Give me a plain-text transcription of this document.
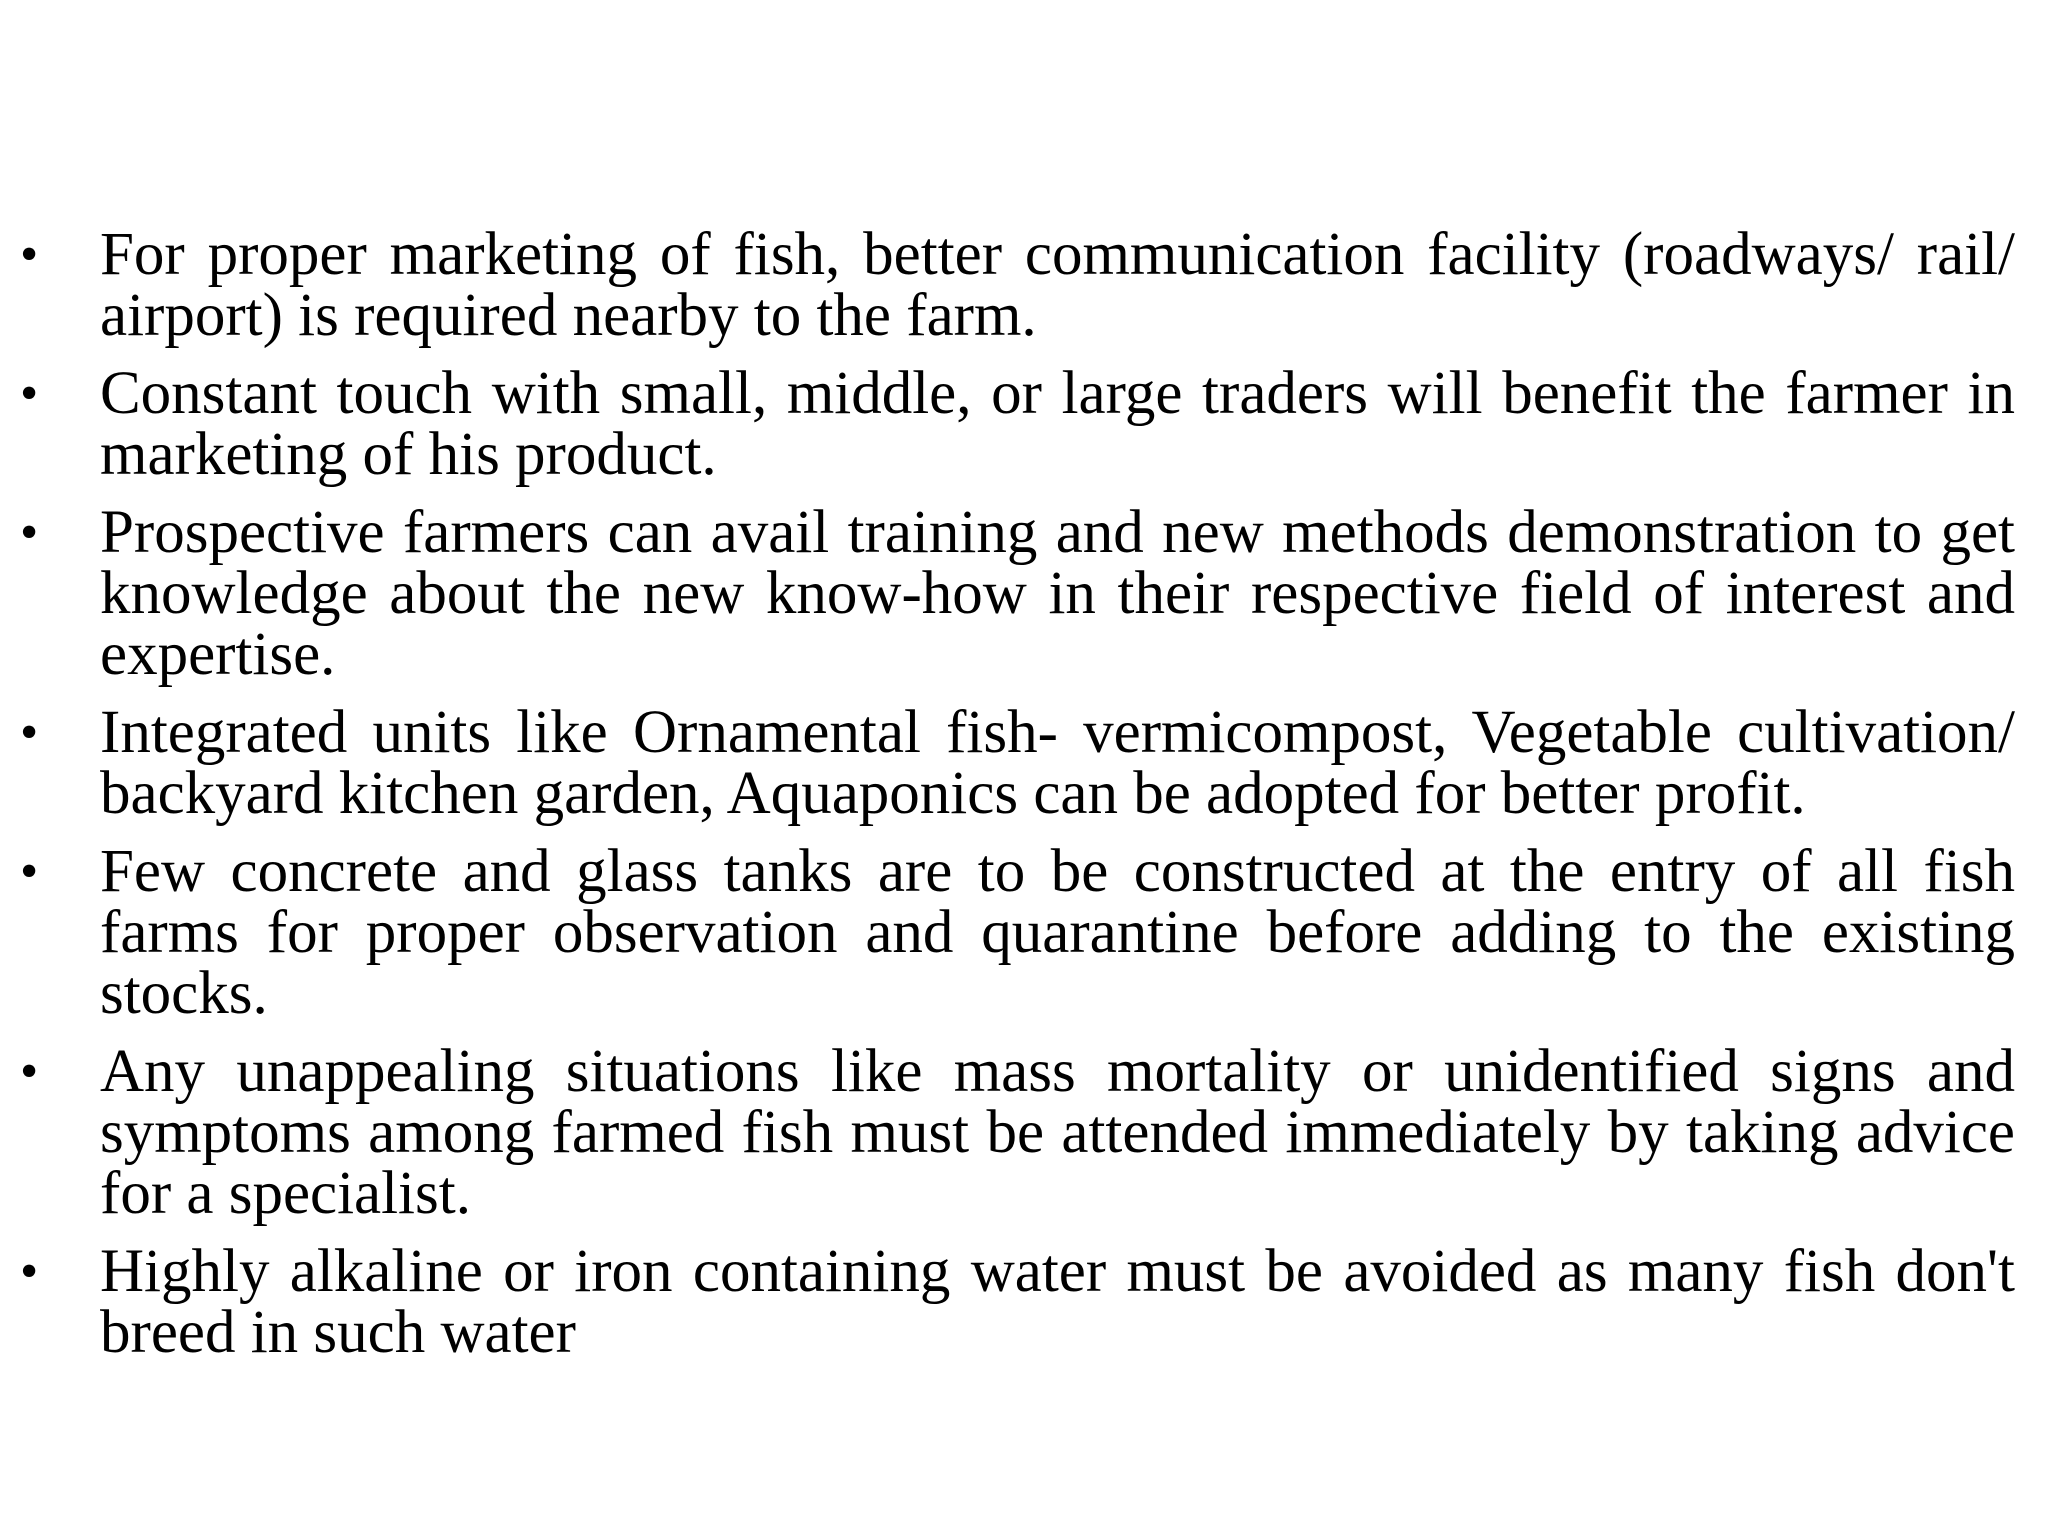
•	For proper marketing of fish, better communication facility (roadways/ rail/ airport) is required nearby to the farm.
•	Constant touch with small, middle, or large traders will benefit the farmer in marketing of his product.
•	Prospective farmers can avail training and new methods demonstration to get knowledge about the new know-how in their respective field of interest and expertise.
•	Integrated units like Ornamental fish- vermicompost, Vegetable cultivation/ backyard kitchen garden, Aquaponics can be adopted for better profit.
•	Few concrete and glass tanks are to be constructed at the entry of all fish farms for proper observation and quarantine before adding to the existing stocks.
•	Any unappealing situations like mass mortality or unidentified signs and symptoms among farmed fish must be attended immediately by taking advice for a specialist.
•	Highly alkaline or iron containing water must be avoided as many fish don't breed in such water
